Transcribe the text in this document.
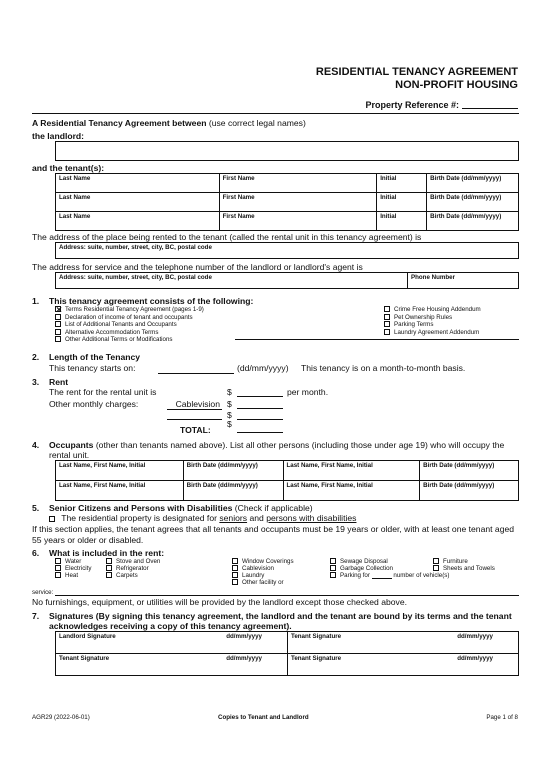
RESIDENTIAL TENANCY AGREEMENT
NON-PROFIT HOUSING
Property Reference #:
A Residential Tenancy Agreement between (use correct legal names)
the landlord:
and the tenant(s):
Last Name	First Name	Initial	Birth Date (dd/mm/yyyy)
Last Name	First Name	Initial	Birth Date (dd/mm/yyyy)
Last Name	First Name	Initial	Birth Date (dd/mm/yyyy)
The address of the place being rented to the tenant (called the rental unit in this tenancy agreement) is
Address: suite, number, street, city, BC, postal code
The address for service and the telephone number of the landlord or landlord's agent is
Address: suite, number, street, city, BC, postal code	Phone Number
1. This tenancy agreement consists of the following:
Terms Residential Tenancy Agreement (pages 1-9)
Declaration of income of tenant and occupants
List of Additional Tenants and Occupants
Alternative Accommodation Terms
Other Additional Terms or Modifications
Crime Free Housing Addendum
Pet Ownership Rules
Parking Terms
Laundry Agreement Addendum
2. Length of the Tenancy
This tenancy starts on:	(dd/mm/yyyy) This tenancy is on a month-to-month basis.
3. Rent
The rent for the rental unit is	$	per month.
Other monthly charges:	Cablevision $
$
TOTAL:
$
4. Occupants (other than tenants named above). List all other persons (including those under age 19) who will occupy the rental unit.
Last Name, First Name, Initial	Birth Date (dd/mm/yyyy)	Last Name, First Name, Initial	Birth Date (dd/mm/yyyy)
Last Name, First Name, Initial	Birth Date (dd/mm/yyyy)	Last Name, First Name, Initial	Birth Date (dd/mm/yyyy)
5. Senior Citizens and Persons with Disabilities (Check if applicable)
The residential property is designated for seniors and persons with disabilities
If this section applies, the tenant agrees that all tenants and occupants must be 19 years or older, with at least one tenant aged 55 years or older or disabled.
6. What is included in the rent:
Water
Electricity
Heat
Stove and Oven
Refrigerator
Carpets
Window Coverings
Cablevision
Laundry
Other facility or
Sewage Disposal
Garbage Collection
Parking for	number of vehicle(s)
Furniture
Sheets and Towels
service:
No furnishings, equipment, or utilities will be provided by the landlord except those checked above.
7. Signatures (By signing this tenancy agreement, the landlord and the tenant are bound by its terms and the tenant acknowledges receiving a copy of this tenancy agreement).
Landlord Signature dd/mm/yyyy	Tenant Signature dd/mm/yyyy

Tenant Signature dd/mm/yyyy	Tenant Signature dd/mm/yyyy
AGR29 (2022-06-01)	Copies to Tenant and Landlord	Page 1 of 8
